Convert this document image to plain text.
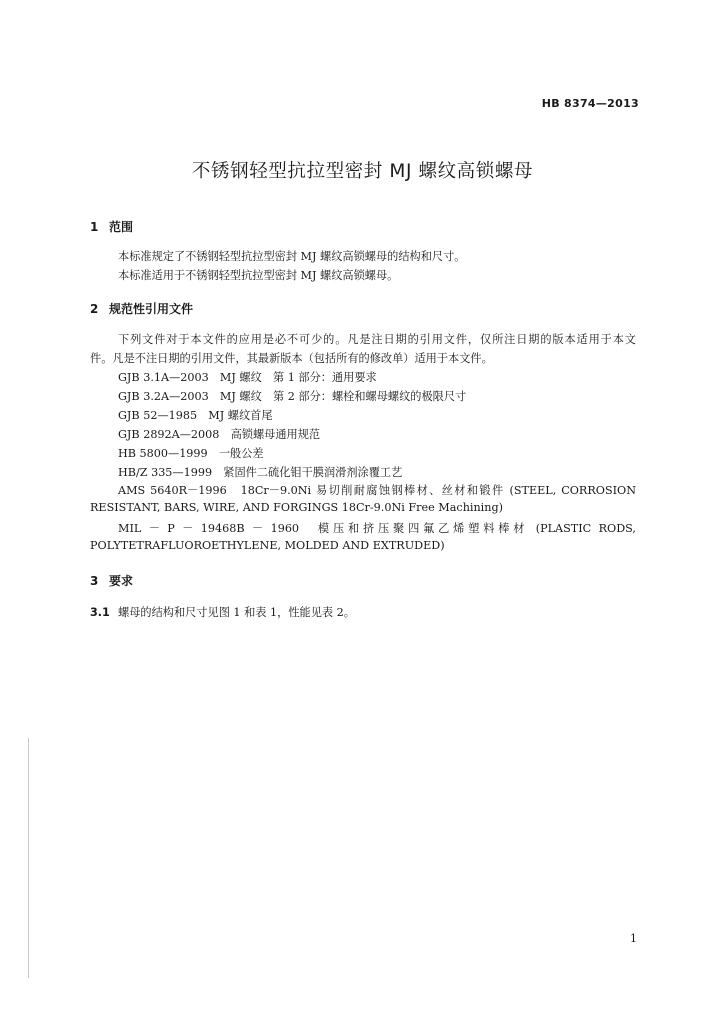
HB 8374—2013
不锈钢轻型抗拉型密封 MJ 螺纹高锁螺母
1 范围
本标准规定了不锈钢轻型抗拉型密封 MJ 螺纹高锁螺母的结构和尺寸。
本标准适用于不锈钢轻型抗拉型密封 MJ 螺纹高锁螺母。
2 规范性引用文件
下列文件对于本文件的应用是必不可少的。凡是注日期的引用文件，仅所注日期的版本适用于本文
件。凡是不注日期的引用文件，其最新版本（包括所有的修改单）适用于本文件。
GJB 3.1A—2003　MJ 螺纹　第 1 部分：通用要求
GJB 3.2A—2003　MJ 螺纹　第 2 部分：螺栓和螺母螺纹的极限尺寸
GJB 52—1985　MJ 螺纹首尾
GJB 2892A—2008　高锁螺母通用规范
HB 5800—1999　一般公差
HB/Z 335—1999　紧固件二硫化钼干膜润滑剂涂覆工艺
AMS 5640R－1996　18Cr－9.0Ni 易切削耐腐蚀钢棒材、丝材和锻件 (STEEL, CORROSION
RESISTANT, BARS, WIRE, AND FORGINGS 18Cr-9.0Ni Free Machining)
MIL － P － 19468B － 1960　模压和挤压聚四氟乙烯塑料棒材 (PLASTIC RODS,
POLYTETRAFLUOROETHYLENE, MOLDED AND EXTRUDED)
3 要求
3.1 螺母的结构和尺寸见图 1 和表 1，性能见表 2。
1
